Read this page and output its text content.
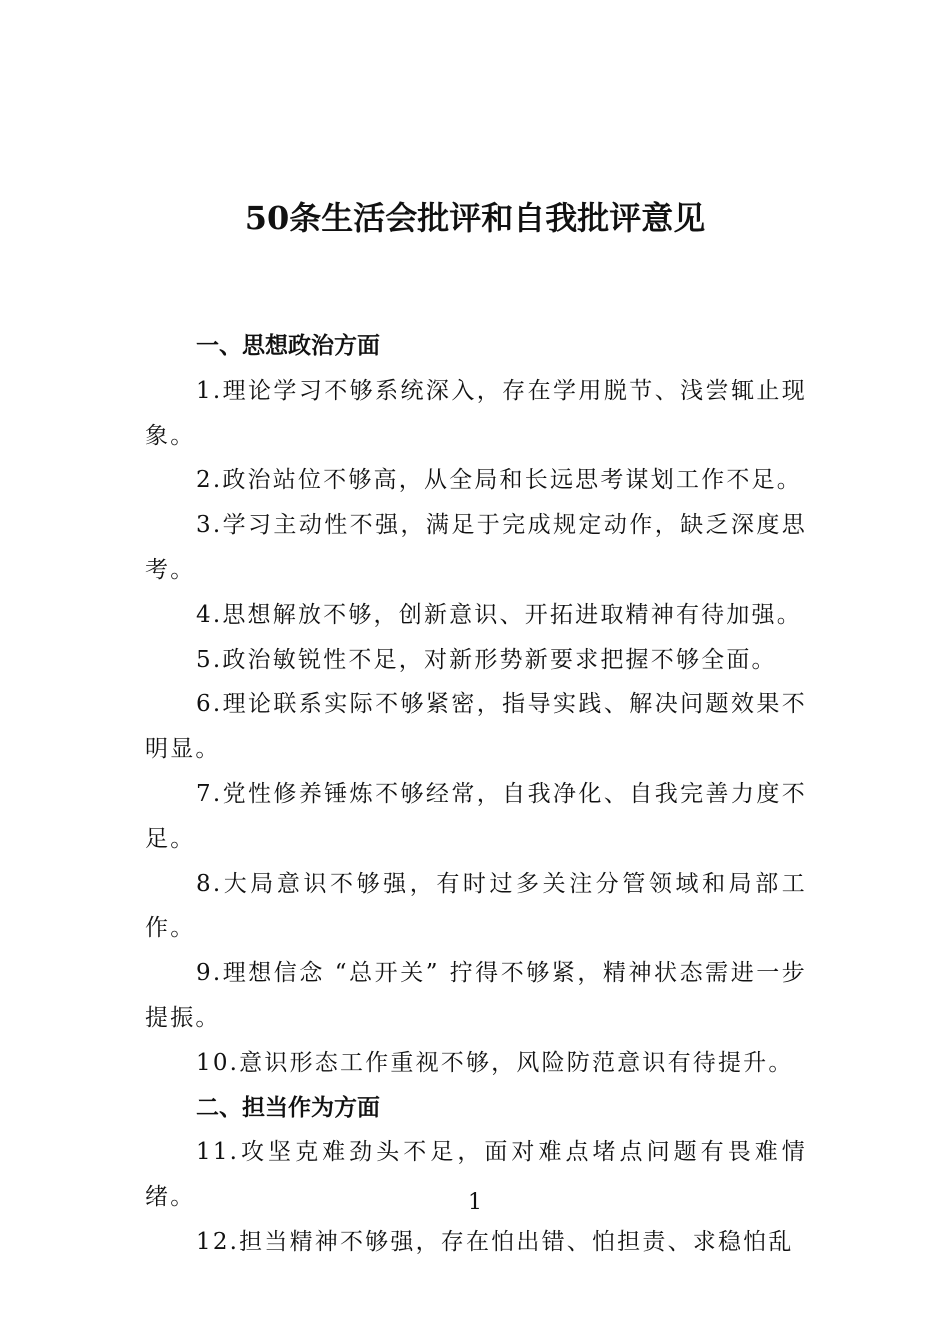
50条生活会批评和自我批评意见

一、思想政治方面

1.理论学习不够系统深入，存在学用脱节、浅尝辄止现象。

2.政治站位不够高，从全局和长远思考谋划工作不足。

3.学习主动性不强，满足于完成规定动作，缺乏深度思考。

4.思想解放不够，创新意识、开拓进取精神有待加强。

5.政治敏锐性不足，对新形势新要求把握不够全面。

6.理论联系实际不够紧密，指导实践、解决问题效果不明显。

7.党性修养锤炼不够经常，自我净化、自我完善力度不足。

8.大局意识不够强，有时过多关注分管领域和局部工作。

9.理想信念 “总开关” 拧得不够紧，精神状态需进一步提振。

10.意识形态工作重视不够，风险防范意识有待提升。

二、担当作为方面

11.攻坚克难劲头不足，面对难点堵点问题有畏难情绪。

12.担当精神不够强，存在怕出错、怕担责、求稳怕乱

1
